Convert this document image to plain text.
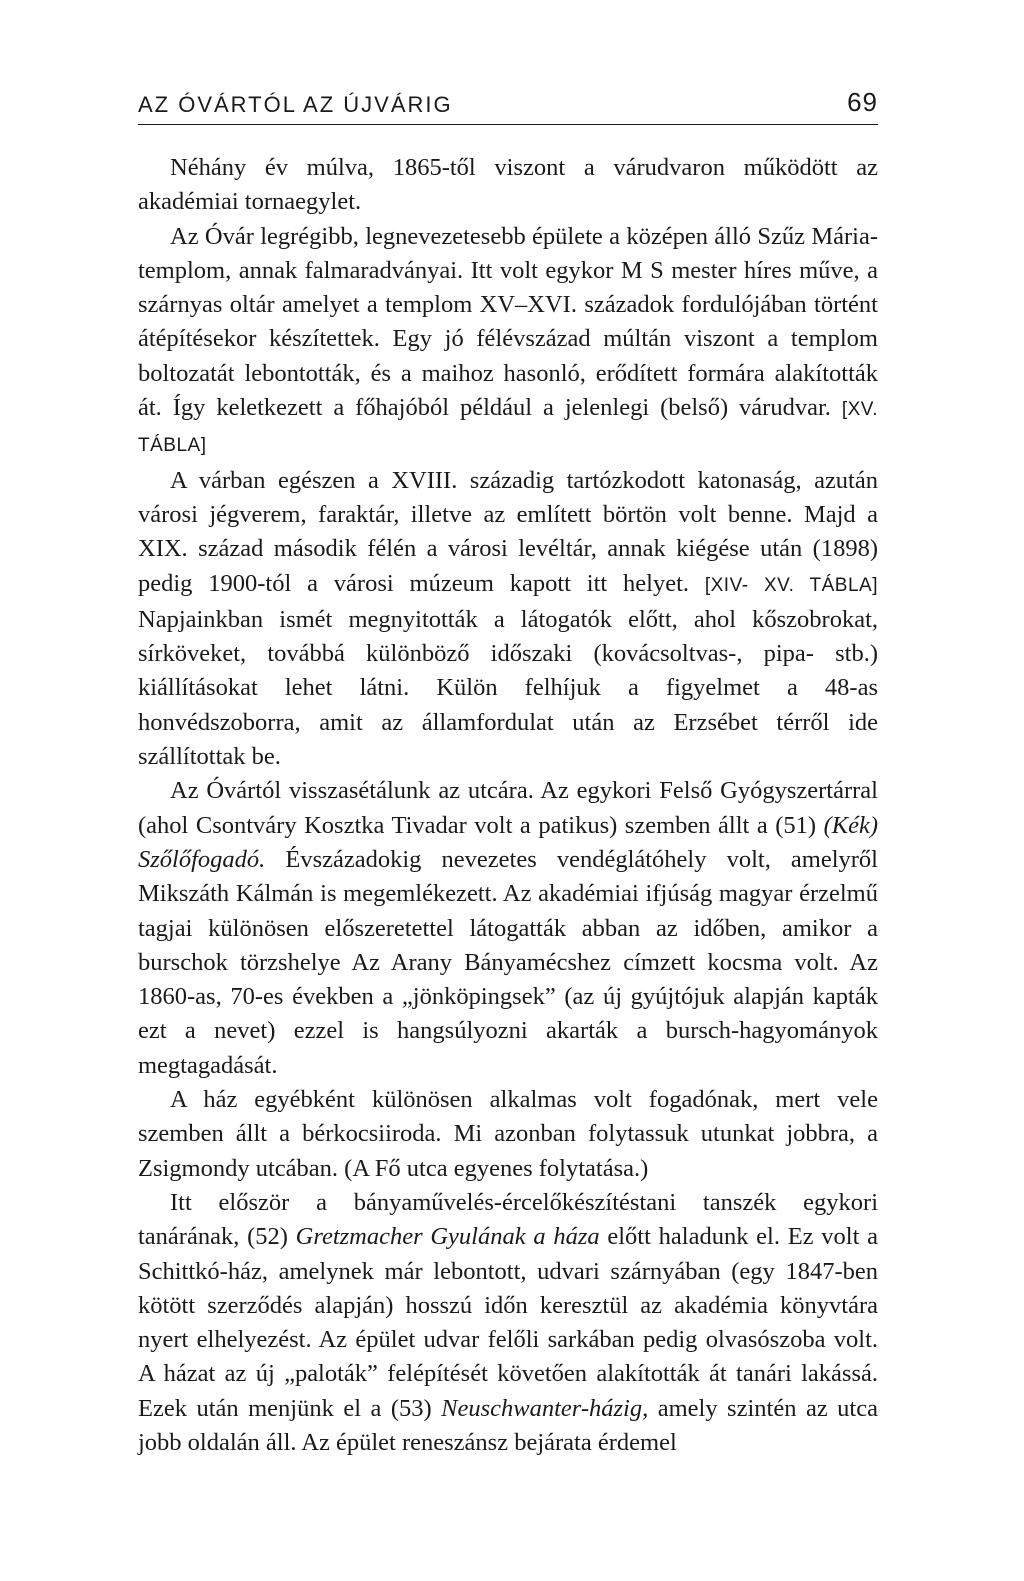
AZ ÓVÁRTÓL AZ ÚJVÁRIG	69

Néhány év múlva, 1865-től viszont a várudvaron működött az akadémiai tornaegylet.

Az Óvár legrégibb, legnevezetesebb épülete a középen álló Szűz Mária-templom, annak falmaradványai. Itt volt egykor M S mester híres műve, a szárnyas oltár amelyet a templom XV–XVI. századok fordulójában történt átépítésekor készítettek. Egy jó félévszázad múltán viszont a templom boltozatát lebontották, és a maihoz hasonló, erődített formára alakították át. Így keletkezett a főhajóból például a jelenlegi (belső) várudvar. [XV. TÁBLA]

A várban egészen a XVIII. századig tartózkodott katonaság, azután városi jégverem, faraktár, illetve az említett börtön volt benne. Majd a XIX. század második félén a városi levéltár, annak kiégése után (1898) pedig 1900-tól a városi múzeum kapott itt helyet. [XIV- XV. TÁBLA] Napjainkban ismét megnyitották a látogatók előtt, ahol kőszobrokat, sírköveket, továbbá különböző időszaki (kovácsoltvas-, pipa- stb.) kiállításokat lehet látni. Külön felhíjuk a figyelmet a 48-as honvédszoborra, amit az államfordulat után az Erzsébet térről ide szállítottak be.

Az Óvártól visszasétálunk az utcára. Az egykori Felső Gyógyszertárral (ahol Csontváry Kosztka Tivadar volt a patikus) szemben állt a (51) (Kék) Szőlőfogadó. Évszázadokig nevezetes vendéglátóhely volt, amelyről Mikszáth Kálmán is megemlékezett. Az akadémiai ifjúság magyar érzelmű tagjai különösen előszeretettel látogatták abban az időben, amikor a burschok törzshelye Az Arany Bányamécshez címzett kocsma volt. Az 1860-as, 70-es években a „jönköpingsek” (az új gyújtójuk alapján kapták ezt a nevet) ezzel is hangsúlyozni akarták a bursch-hagyományok megtagadását.

A ház egyébként különösen alkalmas volt fogadónak, mert vele szemben állt a bérkocsiiroda. Mi azonban folytassuk utunkat jobbra, a Zsigmondy utcában. (A Fő utca egyenes folytatása.)

Itt először a bányaművelés-ércelőkészítéstani tanszék egykori tanárának, (52) Gretzmacher Gyulának a háza előtt haladunk el. Ez volt a Schittkó-ház, amelynek már lebontott, udvari szárnyában (egy 1847-ben kötött szerződés alapján) hosszú időn keresztül az akadémia könyvtára nyert elhelyezést. Az épület udvar felőli sarkában pedig olvasószoba volt. A házat az új „paloták” felépítését követően alakították át tanári lakássá. Ezek után menjünk el a (53) Neuschwanter-házig, amely szintén az utca jobb oldalán áll. Az épület reneszánsz bejárata érdemel
